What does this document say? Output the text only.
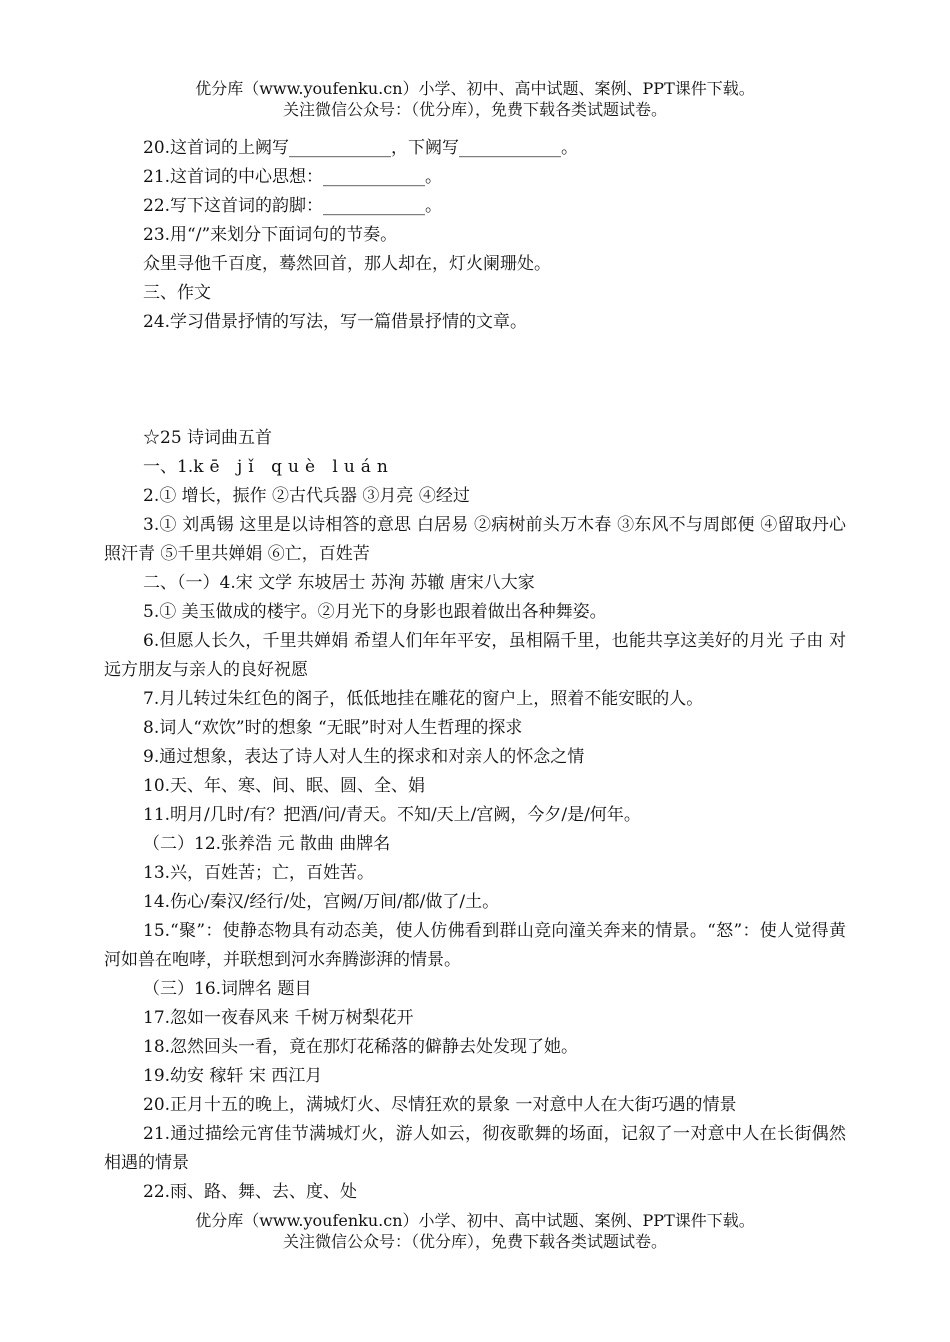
优分库（www.youfenku.cn）小学、初中、高中试题、案例、PPT课件下载。
关注微信公众号：（优分库），免费下载各类试题试卷。
20.这首词的上阙写____________，下阙写____________。
21.这首词的中心思想：____________。
22.写下这首词的韵脚：____________。
23.用“/”来划分下面词句的节奏。
众里寻他千百度，蓦然回首，那人却在，灯火阑珊处。
三、作文
24.学习借景抒情的写法，写一篇借景抒情的文章。
☆25 诗词曲五首
一、1.kē jǐ què luán
2.① 增长，振作 ②古代兵器 ③月亮 ④经过
3.① 刘禹锡 这里是以诗相答的意思 白居易 ②病树前头万木春 ③东风不与周郎便 ④留取丹心照汗青 ⑤千里共婵娟 ⑥亡，百姓苦
二、（一）4.宋 文学 东坡居士 苏洵 苏辙 唐宋八大家
5.① 美玉做成的楼宇。②月光下的身影也跟着做出各种舞姿。
6.但愿人长久，千里共婵娟 希望人们年年平安，虽相隔千里，也能共享这美好的月光 子由 对远方朋友与亲人的良好祝愿
7.月儿转过朱红色的阁子，低低地挂在雕花的窗户上，照着不能安眠的人。
8.词人“欢饮”时的想象 “无眠”时对人生哲理的探求
9.通过想象，表达了诗人对人生的探求和对亲人的怀念之情
10.天、年、寒、间、眠、圆、全、娟
11.明月/几时/有？把酒/问/青天。不知/天上/宫阙，今夕/是/何年。
（二）12.张养浩 元 散曲 曲牌名
13.兴，百姓苦；亡，百姓苦。
14.伤心/秦汉/经行/处，宫阙/万间/都/做了/土。
15.“聚”：使静态物具有动态美，使人仿佛看到群山竞向潼关奔来的情景。“怒”：使人觉得黄河如兽在咆哮，并联想到河水奔腾澎湃的情景。
（三）16.词牌名 题目
17.忽如一夜春风来 千树万树梨花开
18.忽然回头一看，竟在那灯花稀落的僻静去处发现了她。
19.幼安 稼轩 宋 西江月
20.正月十五的晚上，满城灯火、尽情狂欢的景象 一对意中人在大街巧遇的情景
21.通过描绘元宵佳节满城灯火，游人如云，彻夜歌舞的场面，记叙了一对意中人在长街偶然相遇的情景
22.雨、路、舞、去、度、处
优分库（www.youfenku.cn）小学、初中、高中试题、案例、PPT课件下载。
关注微信公众号：（优分库），免费下载各类试题试卷。
